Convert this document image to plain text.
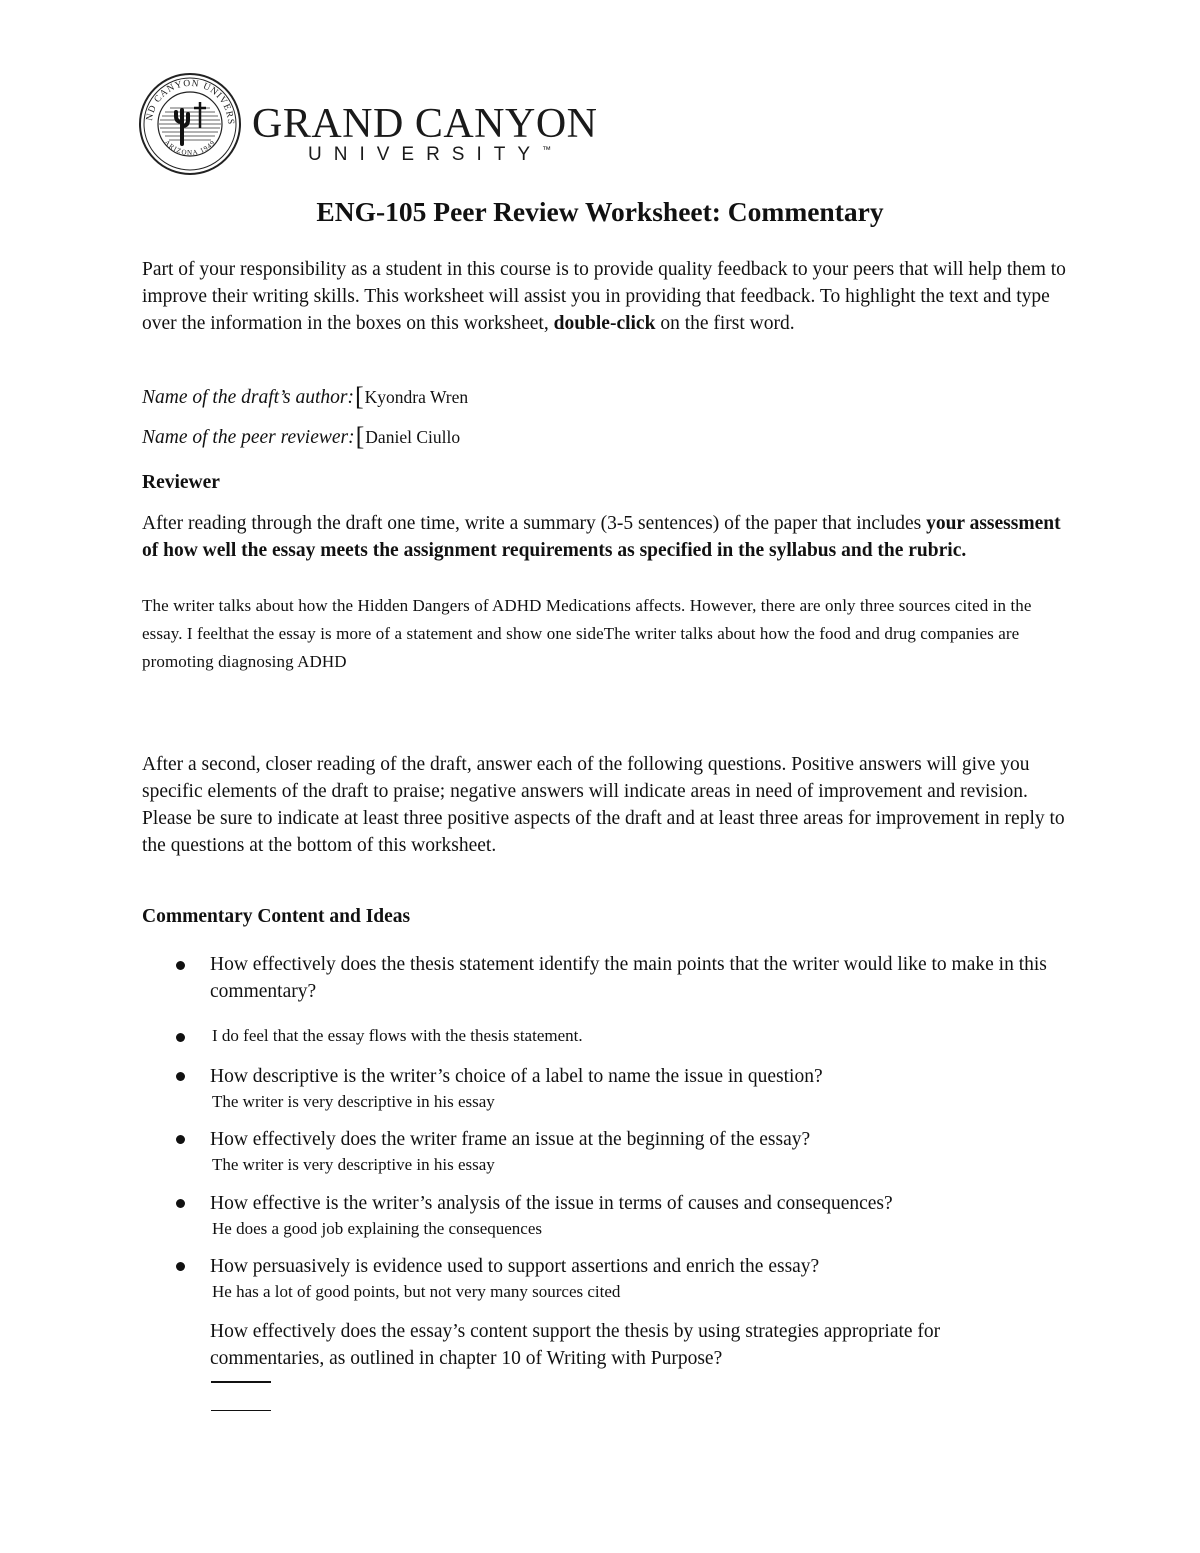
ND CANYON UNIVERS
ARIZONA 1949 GRAND CANYON
UNIVERSITY™
ENG-105 Peer Review Worksheet: Commentary
Part of your responsibility as a student in this course is to provide quality feedback to your peers that will help them to improve their writing skills. This worksheet will assist you in providing that feedback. To highlight the text and type over the information in the boxes on this worksheet, double-click on the first word.
Name of the draft’s author:[Kyondra Wren
Name of the peer reviewer:[Daniel Ciullo
Reviewer
After reading through the draft one time, write a summary (3-5 sentences) of the paper that includes your assessment of how well the essay meets the assignment requirements as specified in the syllabus and the rubric.
The writer talks about how the Hidden Dangers of ADHD Medications affects. However, there are only three sources cited in the essay. I feelthat the essay is more of a statement and show one sideThe writer talks about how the food and drug companies are promoting diagnosing ADHD
After a second, closer reading of the draft, answer each of the following questions. Positive answers will give you specific elements of the draft to praise; negative answers will indicate areas in need of improvement and revision. Please be sure to indicate at least three positive aspects of the draft and at least three areas for improvement in reply to the questions at the bottom of this worksheet.
Commentary Content and Ideas
How effectively does the thesis statement identify the main points that the writer would like to make in this commentary?
I do feel that the essay flows with the thesis statement.
How descriptive is the writer’s choice of a label to name the issue in question?
The writer is very descriptive in his essay
How effectively does the writer frame an issue at the beginning of the essay?
The writer is very descriptive in his essay
How effective is the writer’s analysis of the issue in terms of causes and consequences?
He does a good job explaining the consequences
How persuasively is evidence used to support assertions and enrich the essay?
He has a lot of good points, but not very many sources cited
How effectively does the essay’s content support the thesis by using strategies appropriate for commentaries, as outlined in chapter 10 of Writing with Purpose?
